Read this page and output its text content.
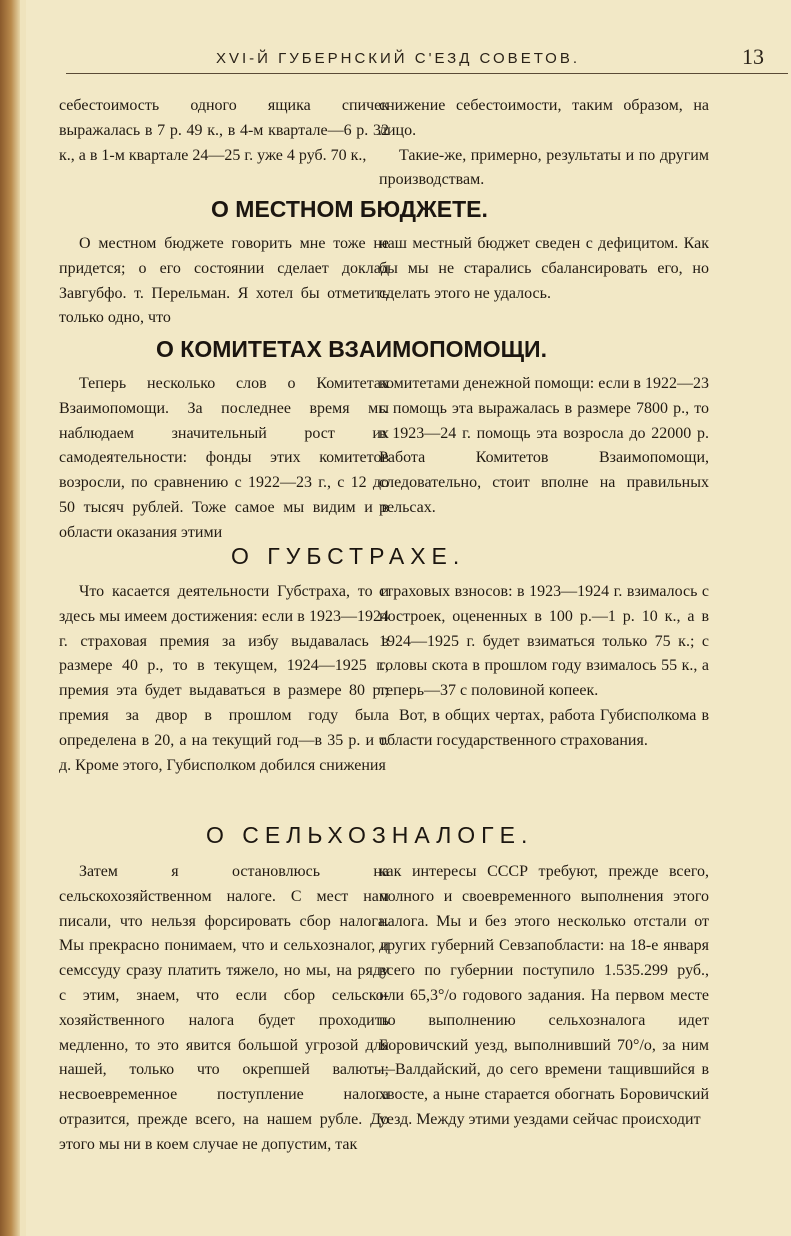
XVI-Й ГУБЕРНСКИЙ С'ЕЗД СОВЕТОВ.	13

себестоимость одного ящика спичек выражалась в 7 р. 49 к., в 4-м квартале—6 р. 32 к., а в 1-м квартале 24—25 г. уже 4 руб. 70 к.,

снижение себестоимости, таким образом, на лицо.

Такие-же, примерно, результаты и по другим производствам.

О МЕСТНОМ БЮДЖЕТЕ.

О местном бюджете говорить мне тоже не придется; о его состоянии сделает доклад Завгубфо. т. Перельман. Я хотел бы отметить только одно, что

наш местный бюджет сведен с дефицитом. Как бы мы не старались сбалансировать его, но сделать этого не удалось.

О КОМИТЕТАХ ВЗАИМОПОМОЩИ.

Теперь несколько слов о Комитетах Взаимопомощи. За последнее время мы наблюдаем значительный рост их самодеятельности: фонды этих комитетов возросли, по сравнению с 1922—23 г., с 12 до 50 тысяч рублей. Тоже самое мы видим и в области оказания этими

комитетами денежной помощи: если в 1922—23 г. помощь эта выражалась в размере 7800 р., то в 1923—24 г. помощь эта возросла до 22000 р. Работа Комитетов Взаимопомощи, следовательно, стоит вполне на правильных рельсах.

О ГУБСТРАХЕ.

Что касается деятельности Губстраха, то и здесь мы имеем достижения: если в 1923—1924 г. страховая премия за избу выдавалась в размере 40 р., то в текущем, 1924—1925 г., премия эта будет выдаваться в размере 80 р.; премия за двор в прошлом году была определена в 20, а на текущий год—в 35 р. и т. д. Кроме этого, Губисполком добился снижения

страховых взносов: в 1923—1924 г. взималось с построек, оцененных в 100 р.—1 р. 10 к., а в 1924—1925 г. будет взиматься только 75 к.; с головы скота в прошлом году взималось 55 к., а теперь—37 с половиной копеек.

Вот, в общих чертах, работа Губисполкома в области государственного страхования.

О СЕЛЬХОЗНАЛОГЕ.

Затем я остановлюсь на сельскохозяйственном налоге. С мест нам писали, что нельзя форсировать сбор налога. Мы прекрасно понимаем, что и сельхозналог, и семссуду сразу платить тяжело, но мы, на ряду с этим, знаем, что если сбор сельско-хозяйственного налога будет проходить медленно, то это явится большой угрозой для нашей, только что окрепшей валюты; несвоевременное поступление налога отразится, прежде всего, на нашем рубле. До этого мы ни в коем случае не допустим, так

как интересы СССР требуют, прежде всего, полного и своевременного выполнения этого налога. Мы и без этого несколько отстали от других губерний Севзапобласти: на 18-е января всего по губернии поступило 1.535.299 руб., или 65,3°/о годового задания. На первом месте по выполнению сельхозналога идет Боровичский уезд, выполнивший 70°/о, за ним—Валдайский, до сего времени тащившийся в хвосте, а ныне старается обогнать Боровичский уезд. Между этими уездами сейчас происходит
